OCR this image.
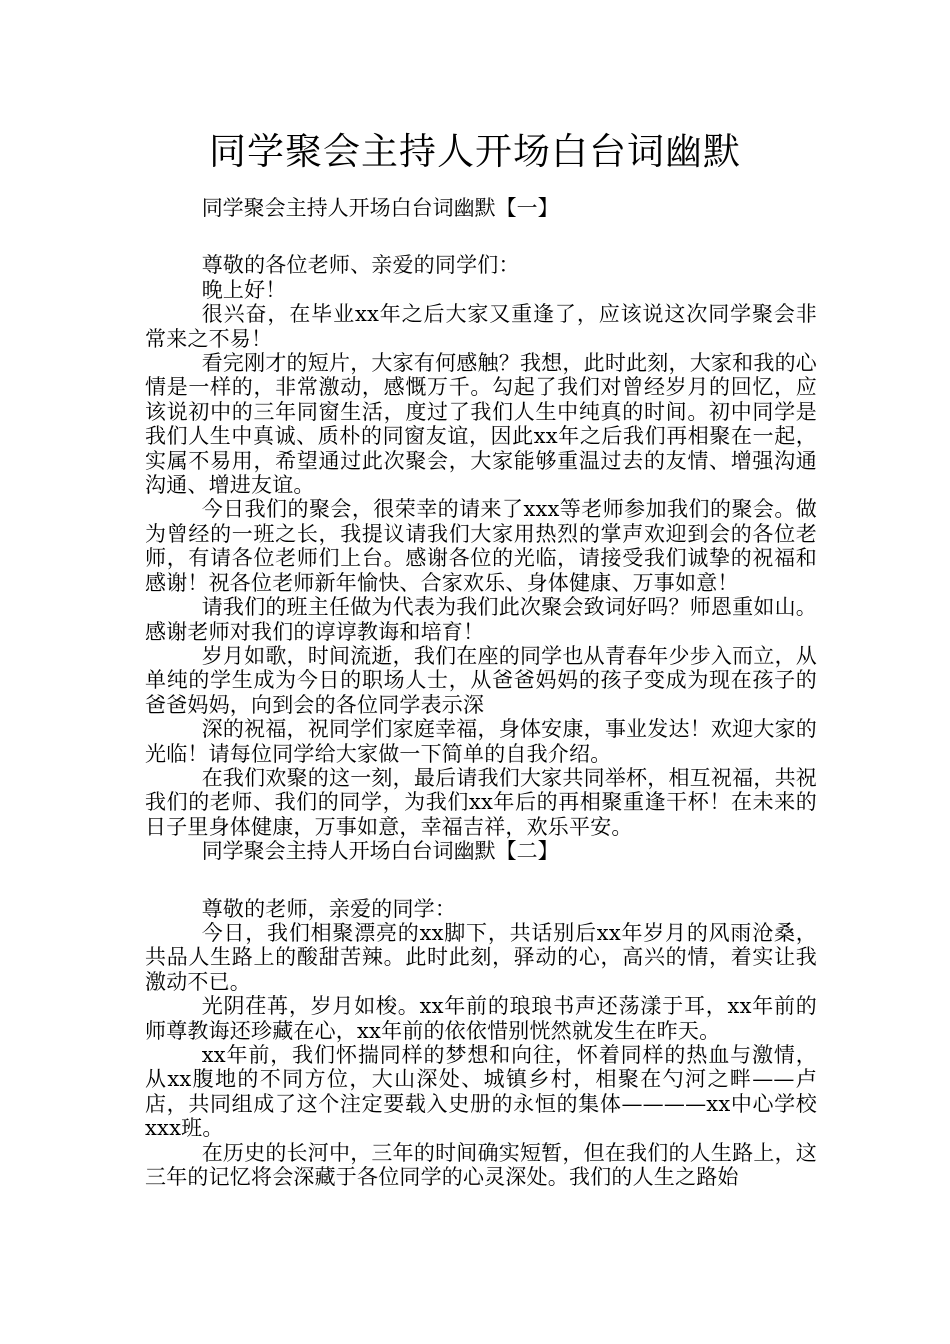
同学聚会主持人开场白台词幽默

同学聚会主持人开场白台词幽默【一】

尊敬的各位老师、亲爱的同学们：

晚上好！

很兴奋，在毕业xx年之后大家又重逢了，应该说这次同学聚会非常来之不易！

看完刚才的短片，大家有何感触？我想，此时此刻，大家和我的心情是一样的，非常激动，感慨万千。勾起了我们对曾经岁月的回忆，应该说初中的三年同窗生活，度过了我们人生中纯真的时间。初中同学是我们人生中真诚、质朴的同窗友谊，因此xx年之后我们再相聚在一起，实属不易用，希望通过此次聚会，大家能够重温过去的友情、增强沟通沟通、增进友谊。

今日我们的聚会，很荣幸的请来了xxx等老师参加我们的聚会。做为曾经的一班之长，我提议请我们大家用热烈的掌声欢迎到会的各位老师，有请各位老师们上台。感谢各位的光临，请接受我们诚挚的祝福和感谢！祝各位老师新年愉快、合家欢乐、身体健康、万事如意！

请我们的班主任做为代表为我们此次聚会致词好吗？师恩重如山。感谢老师对我们的谆谆教诲和培育！

岁月如歌，时间流逝，我们在座的同学也从青春年少步入而立，从单纯的学生成为今日的职场人士，从爸爸妈妈的孩子变成为现在孩子的爸爸妈妈，向到会的各位同学表示深

深的祝福，祝同学们家庭幸福，身体安康，事业发达！欢迎大家的光临！请每位同学给大家做一下简单的自我介绍。

在我们欢聚的这一刻，最后请我们大家共同举杯，相互祝福，共祝我们的老师、我们的同学，为我们xx年后的再相聚重逢干杯！在未来的日子里身体健康，万事如意，幸福吉祥，欢乐平安。

同学聚会主持人开场白台词幽默【二】

尊敬的老师，亲爱的同学：

今日，我们相聚漂亮的xx脚下，共话别后xx年岁月的风雨沧桑，共品人生路上的酸甜苦辣。此时此刻，驿动的心，高兴的情，着实让我激动不已。

光阴荏苒，岁月如梭。xx年前的琅琅书声还荡漾于耳，xx年前的师尊教诲还珍藏在心，xx年前的依依惜别恍然就发生在昨天。

xx年前，我们怀揣同样的梦想和向往，怀着同样的热血与激情，从xx腹地的不同方位，大山深处、城镇乡村，相聚在勺河之畔——卢店，共同组成了这个注定要载入史册的永恒的集体————xx中心学校xxx班。

在历史的长河中，三年的时间确实短暂，但在我们的人生路上，这三年的记忆将会深藏于各位同学的心灵深处。我们的人生之路始
